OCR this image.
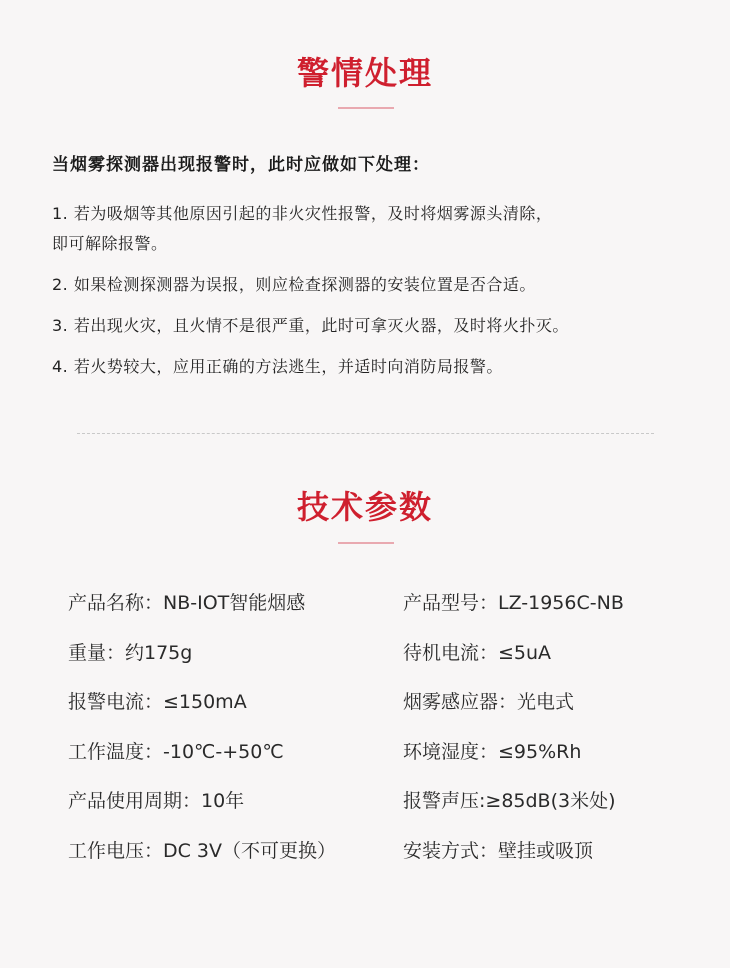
警情处理

当烟雾探测器出现报警时，此时应做如下处理：

1. 若为吸烟等其他原因引起的非火灾性报警，及时将烟雾源头清除，
即可解除报警。
2. 如果检测探测器为误报，则应检查探测器的安装位置是否合适。
3. 若出现火灾，且火情不是很严重，此时可拿灭火器，及时将火扑灭。
4. 若火势较大，应用正确的方法逃生，并适时向消防局报警。
技术参数
产品名称：NB-IOT智能烟感	产品型号：LZ-1956C-NB
重量：约175g	待机电流：≤5uA
报警电流：≤150mA	烟雾感应器：光电式
工作温度：-10℃-+50℃	环境湿度：≤95%Rh
产品使用周期：10年	报警声压:≥85dB(3米处)
工作电压：DC 3V（不可更换）	安装方式：壁挂或吸顶
